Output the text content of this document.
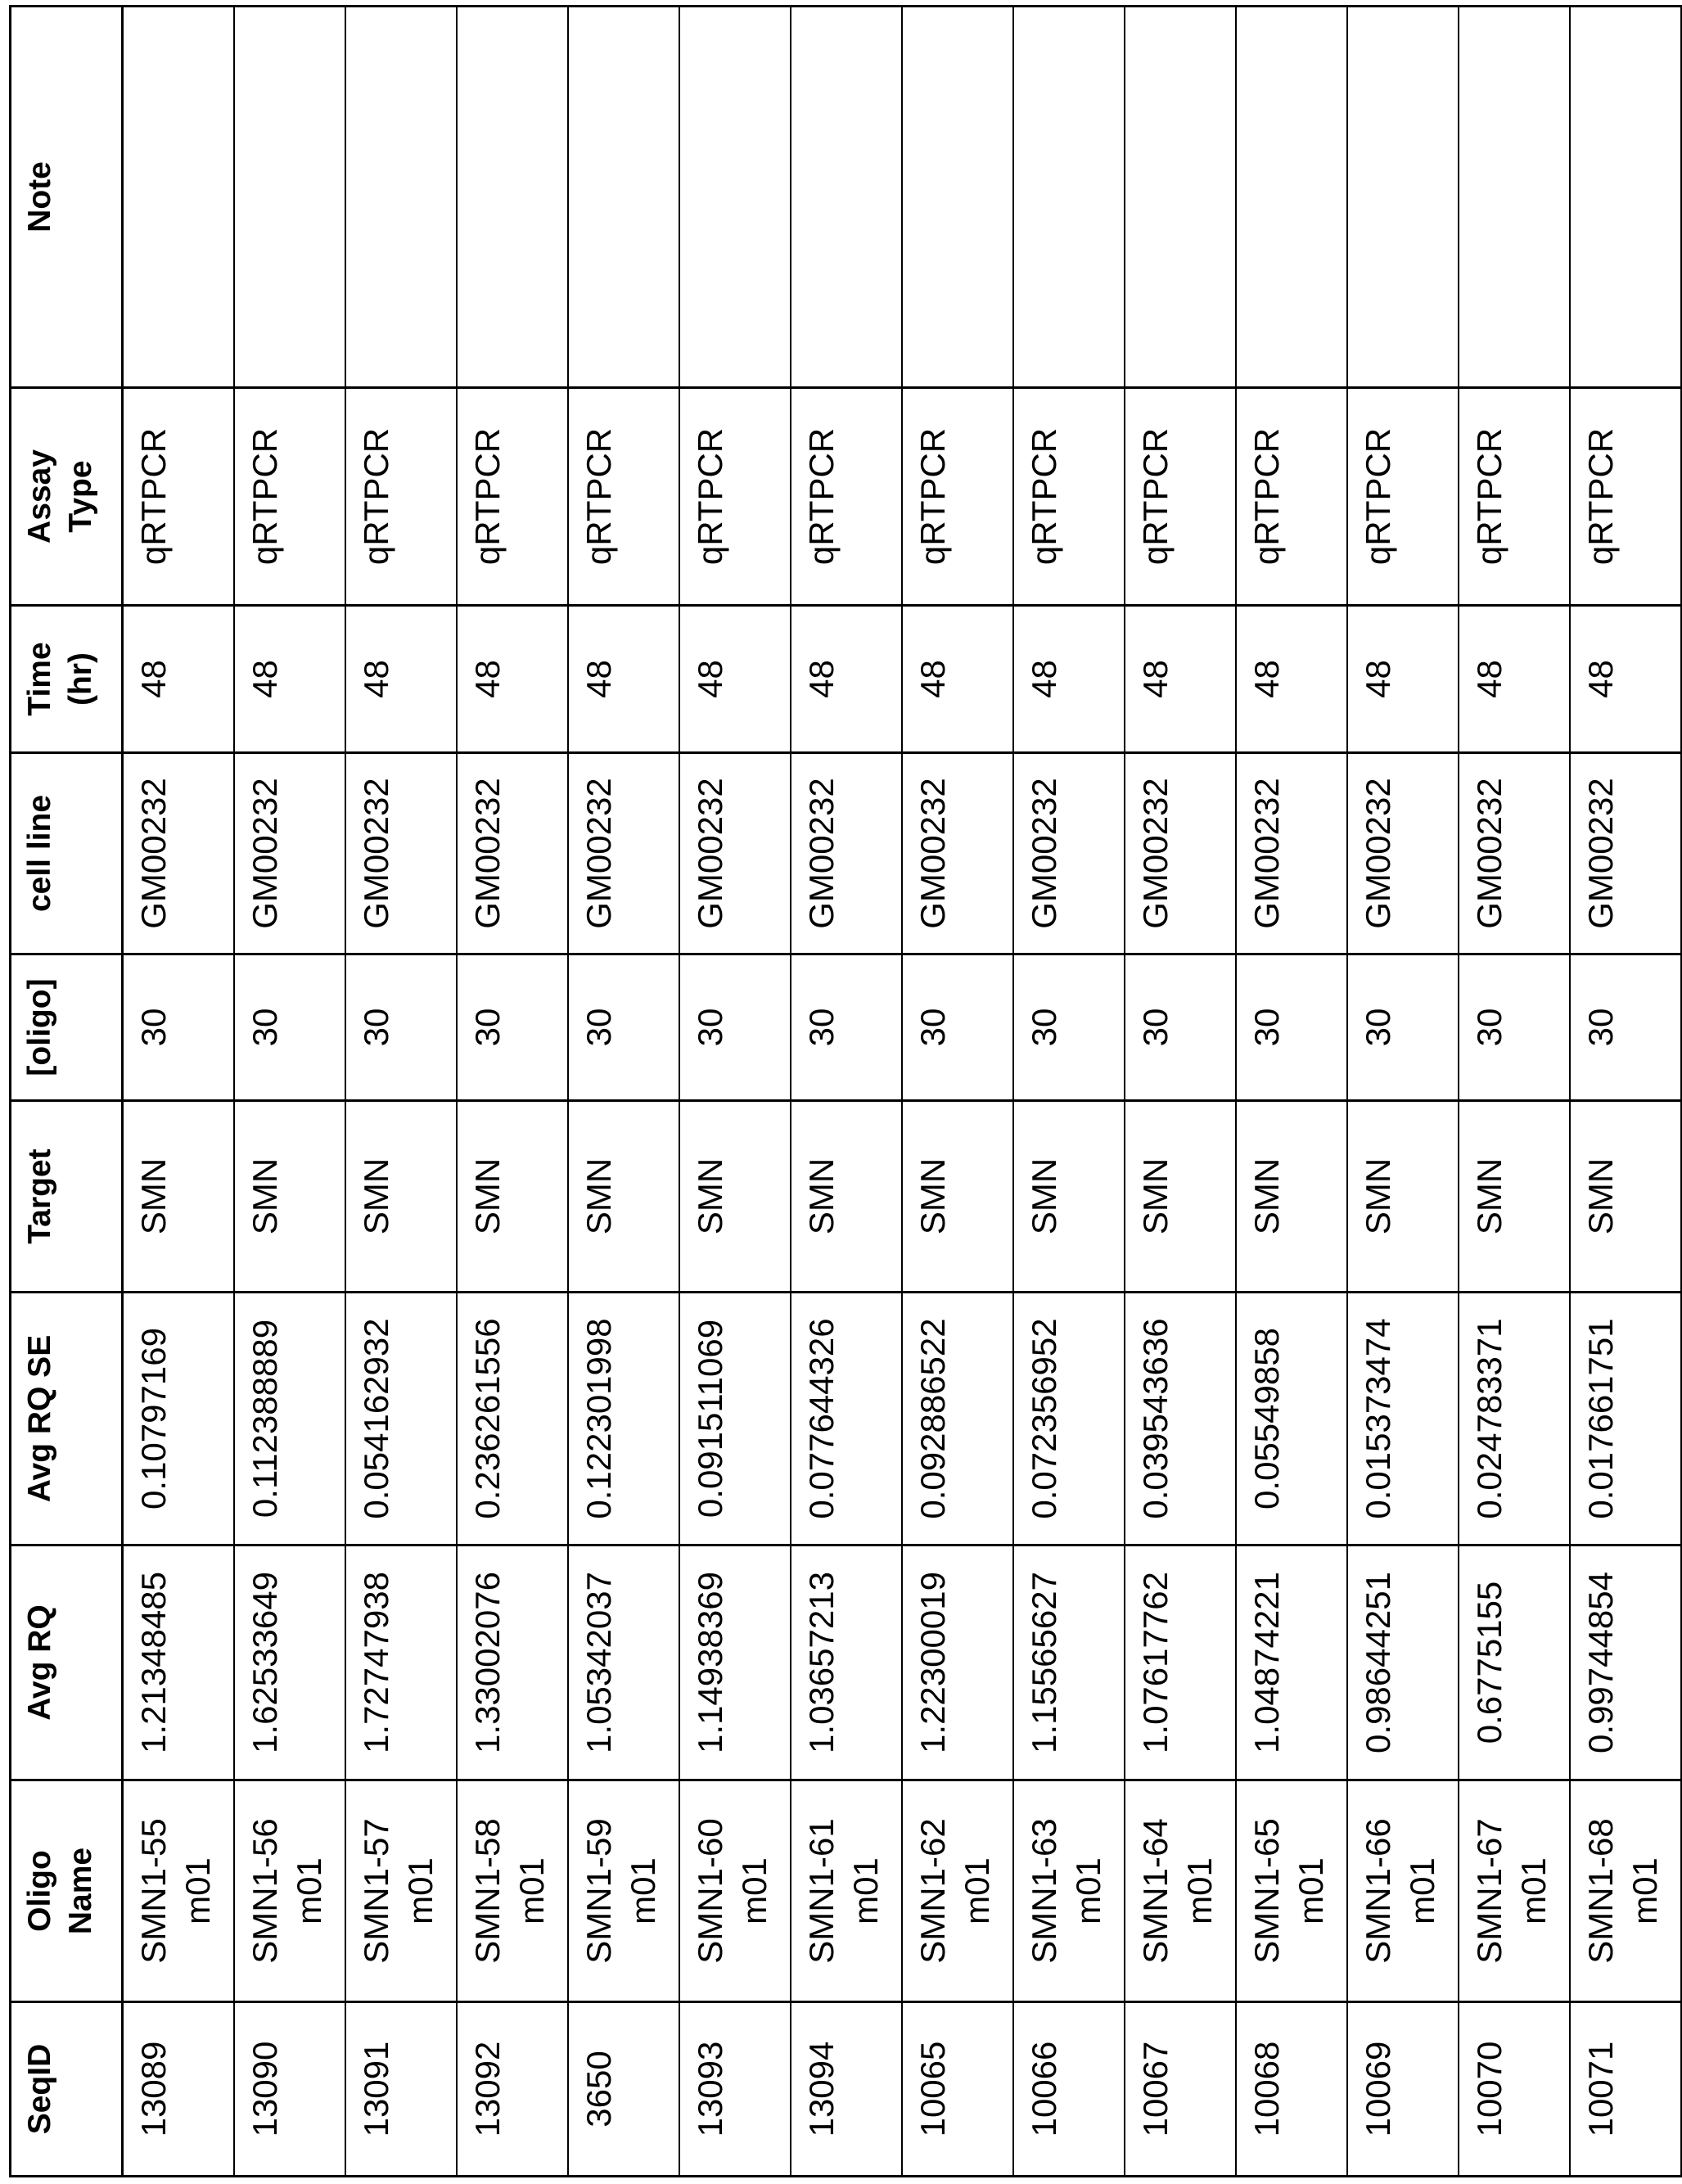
SeqID	Oligo Name	Avg RQ	Avg RQ SE	Target	[oligo]	cell line	Time (hr)	Assay Type	Note

13089	SMN1-55 m01	1.21348485	0.10797169	SMN	30	GM00232	48	qRTPCR	
13090	SMN1-56 m01	1.62533649	0.112388889	SMN	30	GM00232	48	qRTPCR	
13091	SMN1-57 m01	1.72747938	0.054162932	SMN	30	GM00232	48	qRTPCR	
13092	SMN1-58 m01	1.33002076	0.236261556	SMN	30	GM00232	48	qRTPCR	
3650	SMN1-59 m01	1.05342037	0.122301998	SMN	30	GM00232	48	qRTPCR	
13093	SMN1-60 m01	1.14938369	0.091511069	SMN	30	GM00232	48	qRTPCR	
13094	SMN1-61 m01	1.03657213	0.077644326	SMN	30	GM00232	48	qRTPCR	
10065	SMN1-62 m01	1.22300019	0.092886522	SMN	30	GM00232	48	qRTPCR	
10066	SMN1-63 m01	1.15565627	0.072356952	SMN	30	GM00232	48	qRTPCR	
10067	SMN1-64 m01	1.07617762	0.039543636	SMN	30	GM00232	48	qRTPCR	
10068	SMN1-65 m01	1.04874221	0.05549858	SMN	30	GM00232	48	qRTPCR	
10069	SMN1-66 m01	0.98644251	0.015373474	SMN	30	GM00232	48	qRTPCR	
10070	SMN1-67 m01	0.6775155	0.024783371	SMN	30	GM00232	48	qRTPCR	
10071	SMN1-68 m01	0.99744854	0.017661751	SMN	30	GM00232	48	qRTPCR	
